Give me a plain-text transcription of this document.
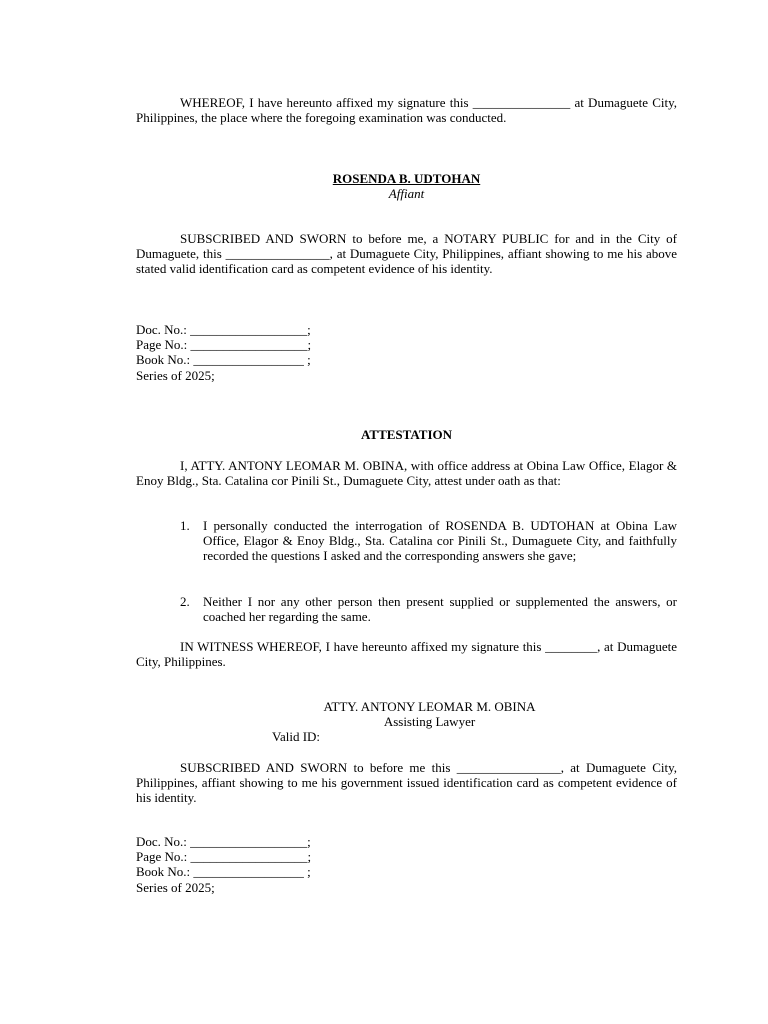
WHEREOF, I have hereunto affixed my signature this _______________ at Dumaguete City, Philippines, the place where the foregoing examination was conducted.
ROSENDA B. UDTOHAN
Affiant
SUBSCRIBED AND SWORN to before me, a NOTARY PUBLIC for and in the City of Dumaguete, this ________________, at Dumaguete City, Philippines, affiant showing to me his above stated valid identification card as competent evidence of his identity.
Doc. No.: __________________;
Page No.: __________________;
Book No.: _________________ ;
Series of 2025;
ATTESTATION
I, ATTY. ANTONY LEOMAR M. OBINA, with office address at Obina Law Office, Elagor & Enoy Bldg., Sta. Catalina cor Pinili St., Dumaguete City, attest under oath as that:
1. I personally conducted the interrogation of ROSENDA B. UDTOHAN at Obina Law Office, Elagor & Enoy Bldg., Sta. Catalina cor Pinili St., Dumaguete City, and faithfully recorded the questions I asked and the corresponding answers she gave;
2. Neither I nor any other person then present supplied or supplemented the answers, or coached her regarding the same.
IN WITNESS WHEREOF, I have hereunto affixed my signature this ________, at Dumaguete City, Philippines.
ATTY. ANTONY LEOMAR M. OBINA
Assisting Lawyer
Valid ID:
SUBSCRIBED AND SWORN to before me this ________________, at Dumaguete City, Philippines, affiant showing to me his government issued identification card as competent evidence of his identity.
Doc. No.: __________________;
Page No.: __________________;
Book No.: _________________ ;
Series of 2025;
